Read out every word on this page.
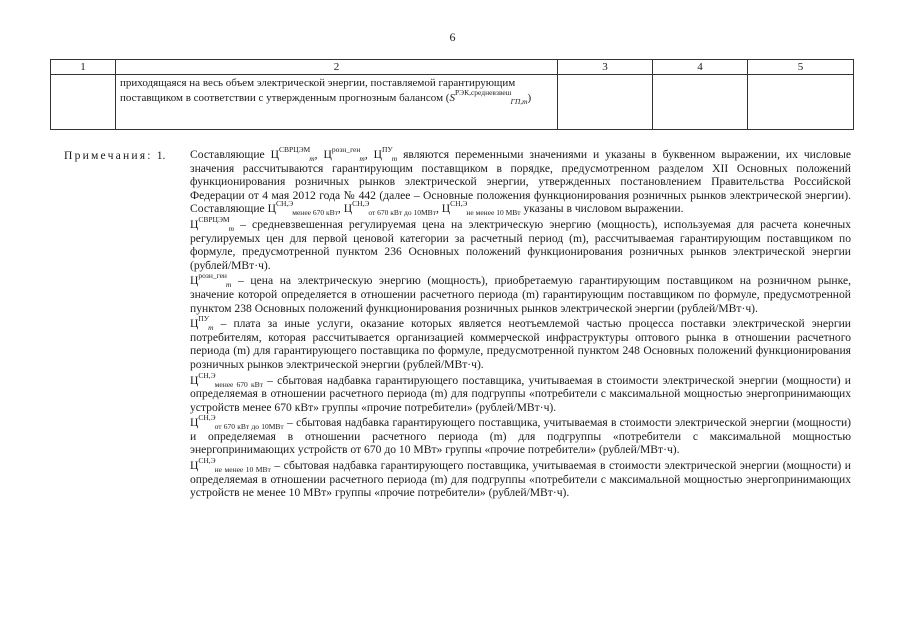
6
1	2	3	4	5
	приходящаяся на весь объем электрической энергии, поставляемой гарантирующим поставщиком в соответствии с утвержденным прогнозным балансом $(S^{РЭК,средневзвеш}_{ГП,m})$			
Примечания: 1. Составляющие $Ц^{СВРЦЭМ}_m$, $Ц^{розн\_ген}_m$, $Ц^{ПУ}_m$ являются переменными значениями и указаны в буквенном выражении, их числовые значения рассчитываются гарантирующим поставщиком в порядке, предусмотренном разделом XII Основных положений функционирования розничных рынков электрической энергии, утвержденных постановлением Правительства Российской Федерации от 4 мая 2012 года № 442 (далее – Основные положения функционирования розничных рынков электрической энергии). Составляющие $Ц^{СН,Э}_{менее 670 кВт}$, $Ц^{СН,Э}_{от 670 кВт до 10МВт}$, $Ц^{СН,Э}_{не менее 10 МВт}$ указаны в числовом выражении.

$Ц^{СВРЦЭМ}_m$ – средневзвешенная регулируемая цена на электрическую энергию (мощность), используемая для расчета конечных регулируемых цен для первой ценовой категории за расчетный период (m), рассчитываемая гарантирующим поставщиком по формуле, предусмотренной пунктом 236 Основных положений функционирования розничных рынков электрической энергии (рублей/МВт·ч).

$Ц^{розн\_ген}_m$ – цена на электрическую энергию (мощность), приобретаемую гарантирующим поставщиком на розничном рынке, значение которой определяется в отношении расчетного периода (m) гарантирующим поставщиком по формуле, предусмотренной пунктом 238 Основных положений функционирования розничных рынков электрической энергии (рублей/МВт·ч).

$Ц^{ПУ}_m$ – плата за иные услуги, оказание которых является неотъемлемой частью процесса поставки электрической энергии потребителям, которая рассчитывается организацией коммерческой инфраструктуры оптового рынка в отношении расчетного периода (m) для гарантирующего поставщика по формуле, предусмотренной пунктом 248 Основных положений функционирования розничных рынков электрической энергии (рублей/МВт·ч).

$Ц^{СН,Э}_{менее 670 кВт}$ – сбытовая надбавка гарантирующего поставщика, учитываемая в стоимости электрической энергии (мощности) и определяемая в отношении расчетного периода (m) для подгруппы «потребители с максимальной мощностью энергопринимающих устройств менее 670 кВт» группы «прочие потребители» (рублей/МВт·ч).

$Ц^{СН,Э}_{от 670 кВт до 10МВт}$ – сбытовая надбавка гарантирующего поставщика, учитываемая в стоимости электрической энергии (мощности) и определяемая в отношении расчетного периода (m) для подгруппы «потребители с максимальной мощностью энергопринимающих устройств от 670 до 10 МВт» группы «прочие потребители» (рублей/МВт·ч).

$Ц^{СН,Э}_{не менее 10 МВт}$ – сбытовая надбавка гарантирующего поставщика, учитываемая в стоимости электрической энергии (мощности) и определяемая в отношении расчетного периода (m) для подгруппы «потребители с максимальной мощностью энергопринимающих устройств не менее 10 МВт» группы «прочие потребители» (рублей/МВт·ч).
